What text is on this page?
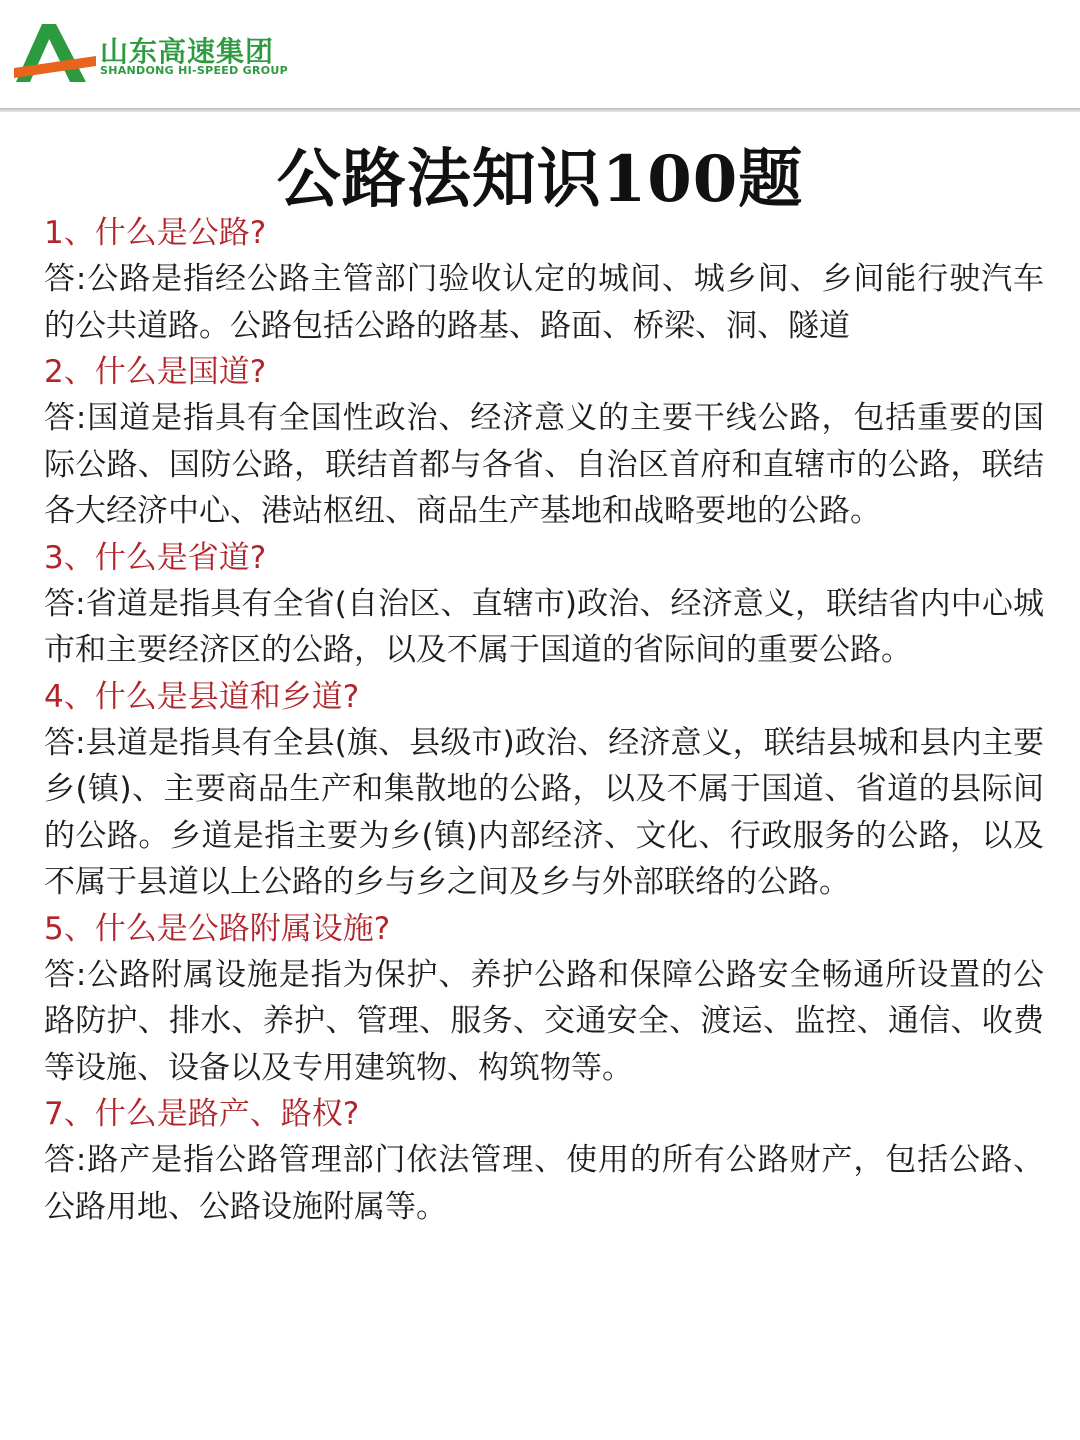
山东高速集团
SHANDONG HI-SPEED GROUP
公路法知识100题

1、什么是公路?

答:公路是指经公路主管部门验收认定的城间、城乡间、乡间能行驶汽车的公共道路。公路包括公路的路基、路面、桥梁、洞、隧道

2、什么是国道?

答:国道是指具有全国性政治、经济意义的主要干线公路，包括重要的国际公路、国防公路，联结首都与各省、自治区首府和直辖市的公路，联结各大经济中心、港站枢纽、商品生产基地和战略要地的公路。

3、什么是省道?

答:省道是指具有全省(自治区、直辖市)政治、经济意义，联结省内中心城市和主要经济区的公路，以及不属于国道的省际间的重要公路。

4、什么是县道和乡道?

答:县道是指具有全县(旗、县级市)政治、经济意义，联结县城和县内主要乡(镇)、主要商品生产和集散地的公路，以及不属于国道、省道的县际间的公路。乡道是指主要为乡(镇)内部经济、文化、行政服务的公路，以及不属于县道以上公路的乡与乡之间及乡与外部联络的公路。

5、什么是公路附属设施?

答:公路附属设施是指为保护、养护公路和保障公路安全畅通所设置的公路防护、排水、养护、管理、服务、交通安全、渡运、监控、通信、收费等设施、设备以及专用建筑物、构筑物等。

7、什么是路产、路权?

答:路产是指公路管理部门依法管理、使用的所有公路财产，包括公路、公路用地、公路设施附属等。
